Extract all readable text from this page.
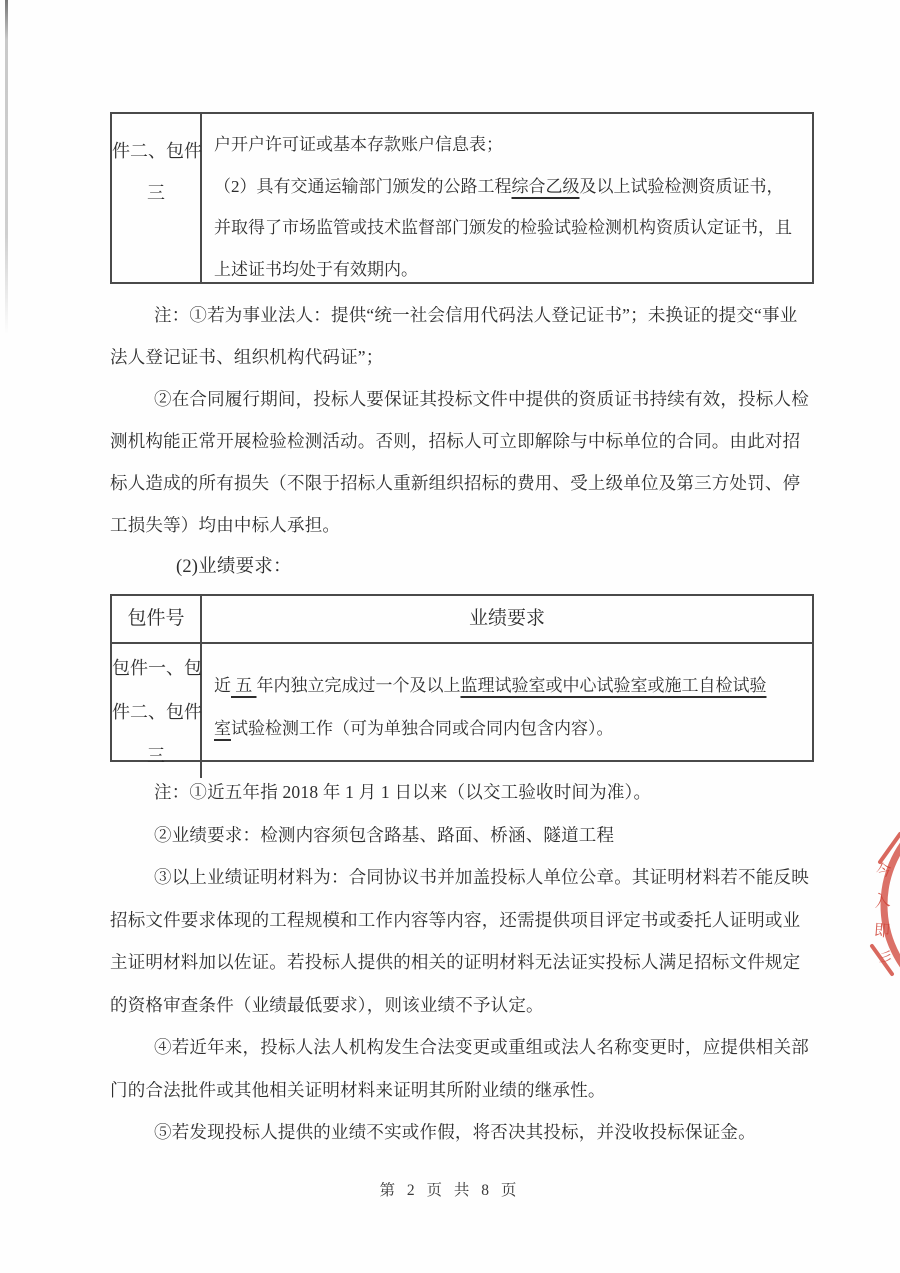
件二、包件
三
户开户许可证或基本存款账户信息表；
（2）具有交通运输部门颁发的公路工程综合乙级及以上试验检测资质证书，
并取得了市场监管或技术监督部门颁发的检验试验检测机构资质认定证书，且
上述证书均处于有效期内。
注：①若为事业法人：提供“统一社会信用代码法人登记证书”；未换证的提交“事业
法人登记证书、组织机构代码证”；
②在合同履行期间，投标人要保证其投标文件中提供的资质证书持续有效，投标人检
测机构能正常开展检验检测活动。否则，招标人可立即解除与中标单位的合同。由此对招
标人造成的所有损失（不限于招标人重新组织招标的费用、受上级单位及第三方处罚、停
工损失等）均由中标人承担。
(2)业绩要求：
包件号	业绩要求
包件一、包
件二、包件
三
近 五 年内独立完成过一个及以上监理试验室或中心试验室或施工自检试验
室试验检测工作（可为单独合同或合同内包含内容）。
注：①近五年指 2018 年 1 月 1 日以来（以交工验收时间为准）。
②业绩要求：检测内容须包含路基、路面、桥涵、隧道工程
③以上业绩证明材料为：合同协议书并加盖投标人单位公章。其证明材料若不能反映
招标文件要求体现的工程规模和工作内容等内容，还需提供项目评定书或委托人证明或业
主证明材料加以佐证。若投标人提供的相关的证明材料无法证实投标人满足招标文件规定
的资格审查条件（业绩最低要求），则该业绩不予认定。
④若近年来，投标人法人机构发生合法变更或重组或法人名称变更时，应提供相关部
门的合法批件或其他相关证明材料来证明其所附业绩的继承性。
⑤若发现投标人提供的业绩不实或作假，将否决其投标，并没收投标保证金。
今
入
即
彡
第 2 页 共 8 页
